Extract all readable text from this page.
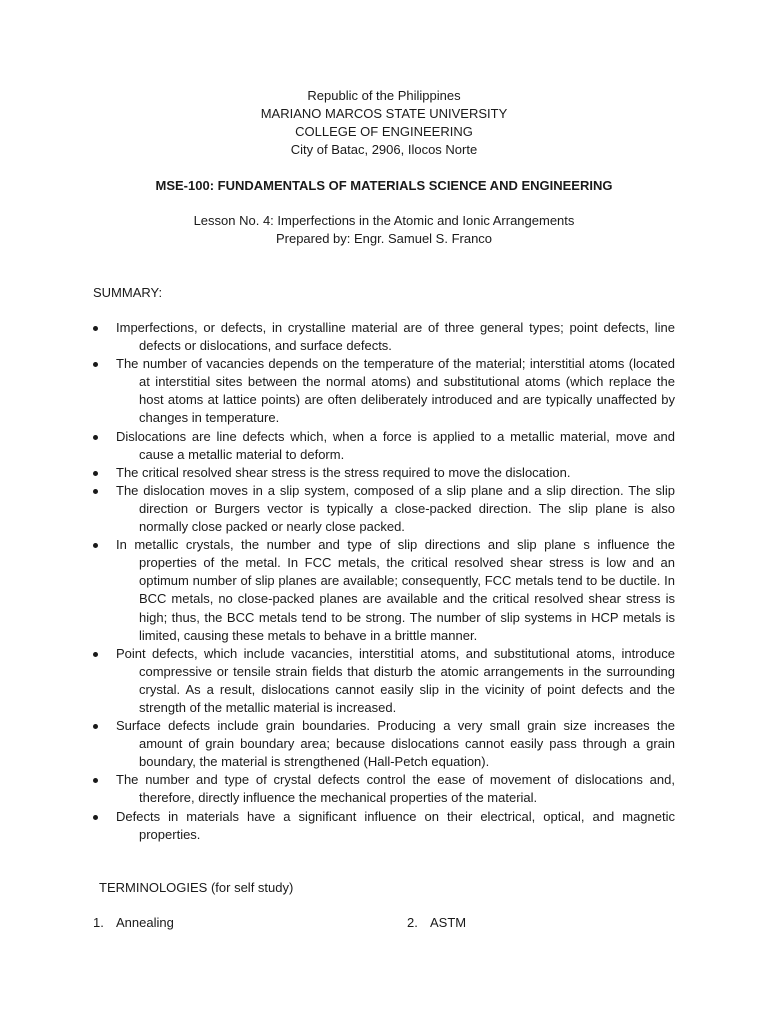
Republic of the Philippines
MARIANO MARCOS STATE UNIVERSITY
COLLEGE OF ENGINEERING
City of Batac, 2906, Ilocos Norte
MSE-100: FUNDAMENTALS OF MATERIALS SCIENCE AND ENGINEERING
Lesson No. 4: Imperfections in the Atomic and Ionic Arrangements
Prepared by: Engr. Samuel S. Franco
SUMMARY:
Imperfections, or defects, in crystalline material are of three general types; point defects, line defects or dislocations, and surface defects.
The number of vacancies depends on the temperature of the material; interstitial atoms (located at interstitial sites between the normal atoms) and substitutional atoms (which replace the host atoms at lattice points) are often deliberately introduced and are typically unaffected by changes in temperature.
Dislocations are line defects which, when a force is applied to a metallic material, move and cause a metallic material to deform.
The critical resolved shear stress is the stress required to move the dislocation.
The dislocation moves in a slip system, composed of a slip plane and a slip direction. The slip direction or Burgers vector is typically a close-packed direction. The slip plane is also normally close packed or nearly close packed.
In metallic crystals, the number and type of slip directions and slip plane s influence the properties of the metal. In FCC metals, the critical resolved shear stress is low and an optimum number of slip planes are available; consequently, FCC metals tend to be ductile. In BCC metals, no close-packed planes are available and the critical resolved shear stress is high; thus, the BCC metals tend to be strong. The number of slip systems in HCP metals is limited, causing these metals to behave in a brittle manner.
Point defects, which include vacancies, interstitial atoms, and substitutional atoms, introduce compressive or tensile strain fields that disturb the atomic arrangements in the surrounding crystal. As a result, dislocations cannot easily slip in the vicinity of point defects and the strength of the metallic material is increased.
Surface defects include grain boundaries. Producing a very small grain size increases the amount of grain boundary area; because dislocations cannot easily pass through a grain boundary, the material is strengthened (Hall-Petch equation).
The number and type of crystal defects control the ease of movement of dislocations and, therefore, directly influence the mechanical properties of the material.
Defects in materials have a significant influence on their electrical, optical, and magnetic properties.
TERMINOLOGIES (for self study)
1. Annealing	2. ASTM
